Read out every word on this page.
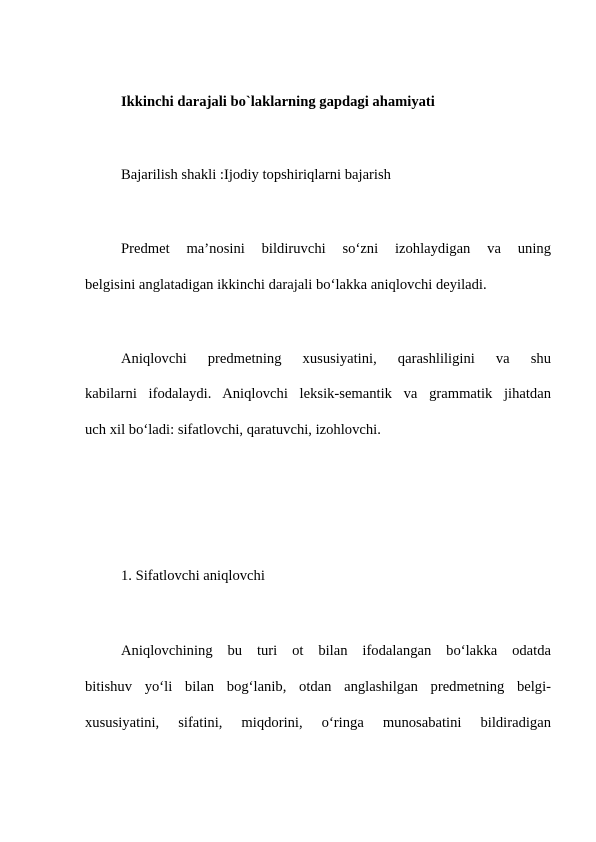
Ikkinchi darajali bo`laklarning gapdagi ahamiyati
Bajarilish shakli :Ijodiy topshiriqlarni bajarish
Predmet ma’nosini bildiruvchi so‘zni izohlaydigan va uning
belgisini anglatadigan ikkinchi darajali bo‘lakka aniqlovchi deyiladi.
Aniqlovchi predmetning xususiyatini, qarashliligini va shu
kabilarni ifodalaydi. Aniqlovchi leksik-semantik va grammatik jihatdan
uch xil bo‘ladi: sifatlovchi, qaratuvchi, izohlovchi.
1. Sifatlovchi aniqlovchi
Aniqlovchining bu turi ot bilan ifodalangan bo‘lakka odatda
bitishuv yo‘li bilan bog‘lanib, otdan anglashilgan predmetning belgi-
xususiyatini, sifatini, miqdorini, o‘ringa munosabatini bildiradigan
